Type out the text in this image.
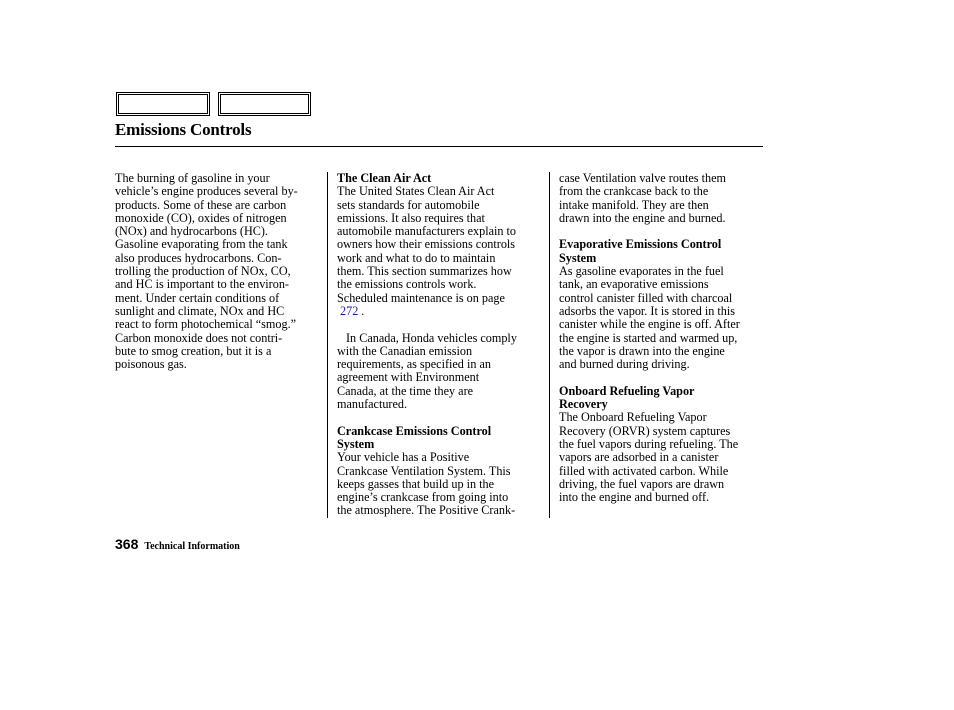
Emissions Controls
The burning of gasoline in your
vehicle’s engine produces several by-
products. Some of these are carbon
monoxide (CO), oxides of nitrogen
(NOx) and hydrocarbons (HC).
Gasoline evaporating from the tank
also produces hydrocarbons. Con-
trolling the production of NOx, CO,
and HC is important to the environ-
ment. Under certain conditions of
sunlight and climate, NOx and HC
react to form photochemical “smog.”
Carbon monoxide does not contri-
bute to smog creation, but it is a
poisonous gas.
The Clean Air Act
The United States Clean Air Act
sets standards for automobile
emissions. It also requires that
automobile manufacturers explain to
owners how their emissions controls
work and what to do to maintain
them. This section summarizes how
the emissions controls work.
Scheduled maintenance is on page
272 .
In Canada, Honda vehicles comply
with the Canadian emission
requirements, as specified in an
agreement with Environment
Canada, at the time they are
manufactured.
Crankcase Emissions Control
System
Your vehicle has a Positive
Crankcase Ventilation System. This
keeps gasses that build up in the
engine’s crankcase from going into
the atmosphere. The Positive Crank-
case Ventilation valve routes them
from the crankcase back to the
intake manifold. They are then
drawn into the engine and burned.
Evaporative Emissions Control
System
As gasoline evaporates in the fuel
tank, an evaporative emissions
control canister filled with charcoal
adsorbs the vapor. It is stored in this
canister while the engine is off. After
the engine is started and warmed up,
the vapor is drawn into the engine
and burned during driving.
Onboard Refueling Vapor
Recovery
The Onboard Refueling Vapor
Recovery (ORVR) system captures
the fuel vapors during refueling. The
vapors are adsorbed in a canister
filled with activated carbon. While
driving, the fuel vapors are drawn
into the engine and burned off.
368 Technical Information
